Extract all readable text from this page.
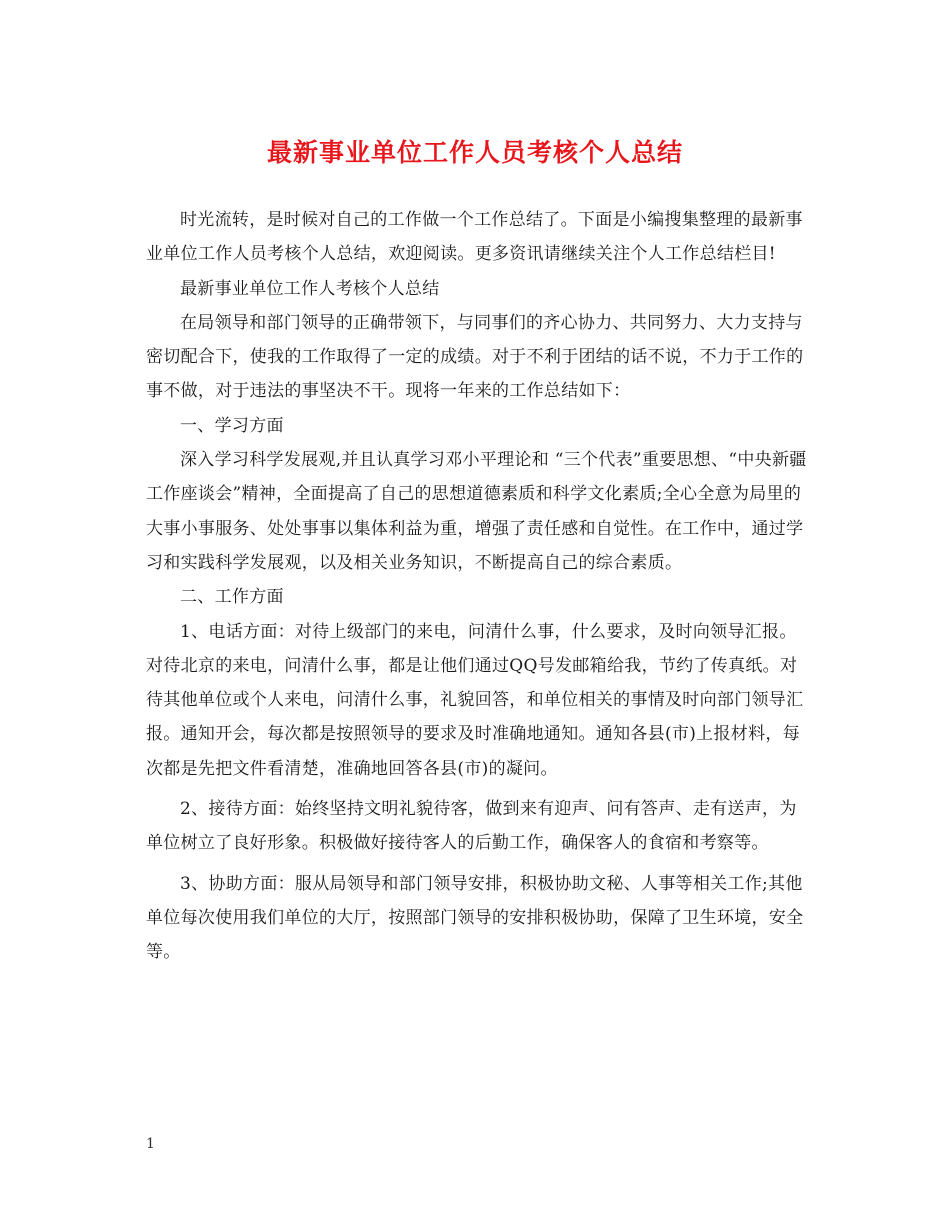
最新事业单位工作人员考核个人总结

时光流转，是时候对自己的工作做一个工作总结了。下面是小编搜集整理的最新事业单位工作人员考核个人总结，欢迎阅读。更多资讯请继续关注个人工作总结栏目!

最新事业单位工作人考核个人总结

在局领导和部门领导的正确带领下，与同事们的齐心协力、共同努力、大力支持与密切配合下，使我的工作取得了一定的成绩。对于不利于团结的话不说，不力于工作的事不做，对于违法的事坚决不干。现将一年来的工作总结如下：

一、学习方面

深入学习科学发展观,并且认真学习邓小平理论和 “三个代表”重要思想、“中央新疆工作座谈会”精神，全面提高了自己的思想道德素质和科学文化素质;全心全意为局里的大事小事服务、处处事事以集体利益为重，增强了责任感和自觉性。在工作中，通过学习和实践科学发展观，以及相关业务知识，不断提高自己的综合素质。

二、工作方面

1、电话方面：对待上级部门的来电，问清什么事，什么要求，及时向领导汇报。对待北京的来电，问清什么事，都是让他们通过QQ号发邮箱给我，节约了传真纸。对待其他单位或个人来电，问清什么事，礼貌回答，和单位相关的事情及时向部门领导汇报。通知开会，每次都是按照领导的要求及时准确地通知。通知各县(市)上报材料，每次都是先把文件看清楚，准确地回答各县(市)的凝问。

2、接待方面：始终坚持文明礼貌待客，做到来有迎声、问有答声、走有送声，为单位树立了良好形象。积极做好接待客人的后勤工作，确保客人的食宿和考察等。

3、协助方面：服从局领导和部门领导安排，积极协助文秘、人事等相关工作;其他单位每次使用我们单位的大厅，按照部门领导的安排积极协助，保障了卫生环境，安全等。

1
